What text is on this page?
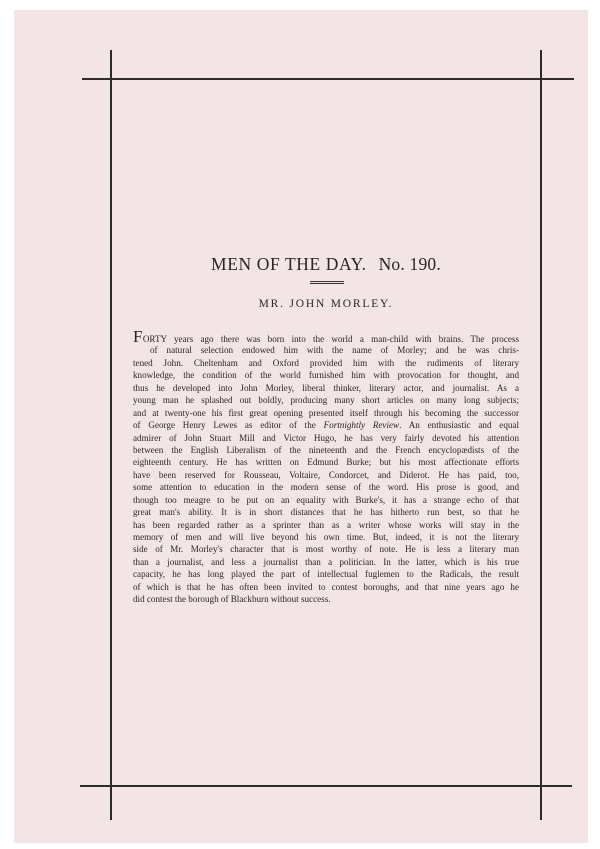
MEN OF THE DAY. No. 190.
MR. JOHN MORLEY.
FORTY years ago there was born into the world a man-child with brains. The process
of natural selection endowed him with the name of Morley; and he was chris-
tened John. Cheltenham and Oxford provided him with the rudiments of literary
knowledge, the condition of the world furnished him with provocation for thought, and
thus he developed into John Morley, liberal thinker, literary actor, and journalist. As a
young man he splashed out boldly, producing many short articles on many long subjects;
and at twenty-one his first great opening presented itself through his becoming the successor
of George Henry Lewes as editor of the Fortnightly Review. An enthusiastic and equal
admirer of John Stuart Mill and Victor Hugo, he has very fairly devoted his attention
between the English Liberalism of the nineteenth and the French encyclopædists of the
eighteenth century. He has written on Edmund Burke; but his most affectionate efforts
have been reserved for Rousseau, Voltaire, Condorcet, and Diderot. He has paid, too,
some attention to education in the modern sense of the word. His prose is good, and
though too meagre to be put on an equality with Burke's, it has a strange echo of that
great man's ability. It is in short distances that he has hitherto run best, so that he
has been regarded rather as a sprinter than as a writer whose works will stay in the
memory of men and will live beyond his own time. But, indeed, it is not the literary
side of Mr. Morley's character that is most worthy of note. He is less a literary man
than a journalist, and less a journalist than a politician. In the latter, which is his true
capacity, he has long played the part of intellectual fuglemen to the Radicals, the result
of which is that he has often been invited to contest boroughs, and that nine years ago he
did contest the borough of Blackburn without success.
